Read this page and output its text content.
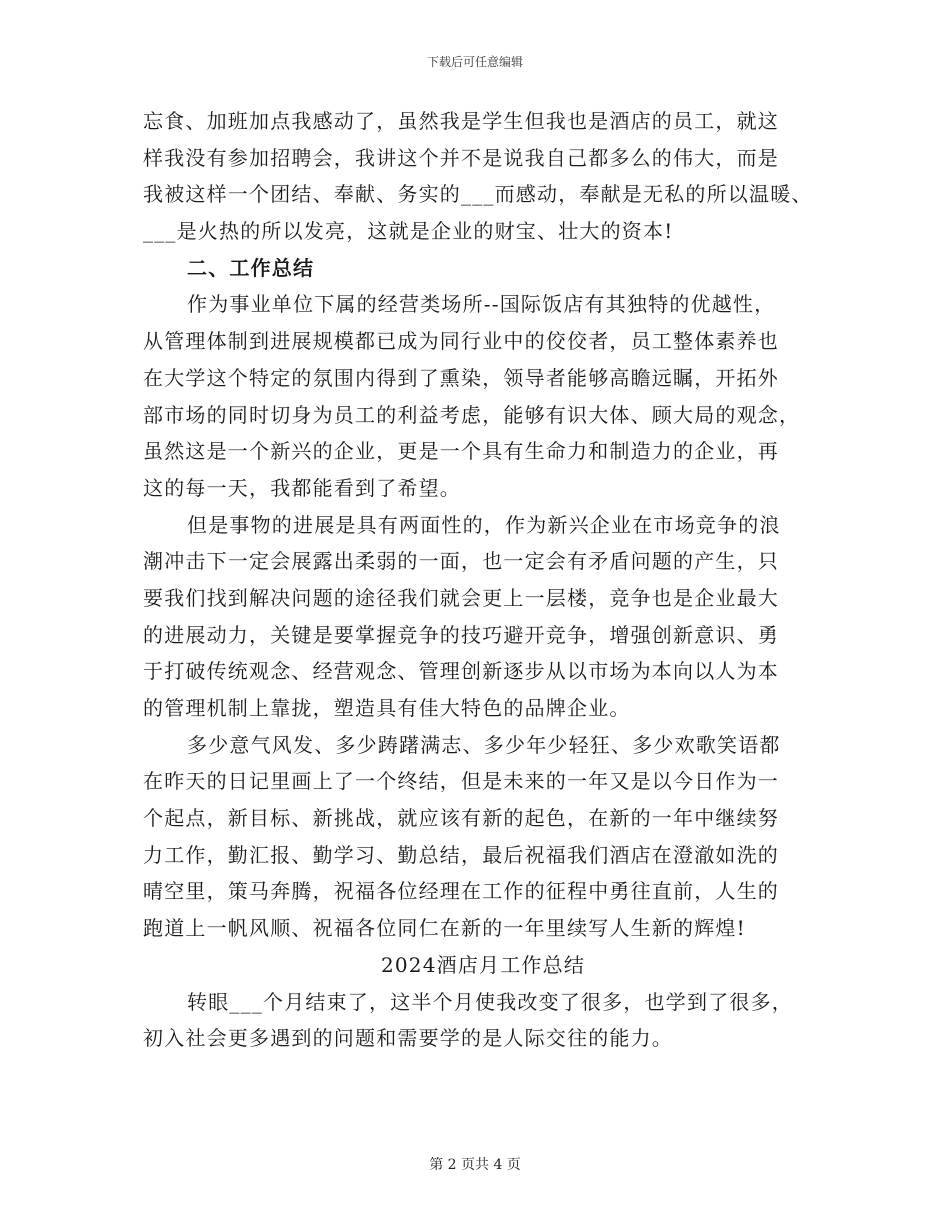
下载后可任意编辑
忘食、加班加点我感动了，虽然我是学生但我也是酒店的员工，就这
样我没有参加招聘会，我讲这个并不是说我自己都多么的伟大，而是
我被这样一个团结、奉献、务实的___而感动，奉献是无私的所以温暖、
___是火热的所以发亮，这就是企业的财宝、壮大的资本!
二、工作总结
作为事业单位下属的经营类场所--国际饭店有其独特的优越性，
从管理体制到进展规模都已成为同行业中的佼佼者，员工整体素养也
在大学这个特定的氛围内得到了熏染，领导者能够高瞻远瞩，开拓外
部市场的同时切身为员工的利益考虑，能够有识大体、顾大局的观念，
虽然这是一个新兴的企业，更是一个具有生命力和制造力的企业，再
这的每一天，我都能看到了希望。
但是事物的进展是具有两面性的，作为新兴企业在市场竞争的浪
潮冲击下一定会展露出柔弱的一面，也一定会有矛盾问题的产生，只
要我们找到解决问题的途径我们就会更上一层楼，竞争也是企业最大
的进展动力，关键是要掌握竞争的技巧避开竞争，增强创新意识、勇
于打破传统观念、经营观念、管理创新逐步从以市场为本向以人为本
的管理机制上靠拢，塑造具有佳大特色的品牌企业。
多少意气风发、多少踌躇满志、多少年少轻狂、多少欢歌笑语都
在昨天的日记里画上了一个终结，但是未来的一年又是以今日作为一
个起点，新目标、新挑战，就应该有新的起色，在新的一年中继续努
力工作，勤汇报、勤学习、勤总结，最后祝福我们酒店在澄澈如洗的
晴空里，策马奔腾，祝福各位经理在工作的征程中勇往直前，人生的
跑道上一帆风顺、祝福各位同仁在新的一年里续写人生新的辉煌!
2024酒店月工作总结
转眼___个月结束了，这半个月使我改变了很多，也学到了很多，
初入社会更多遇到的问题和需要学的是人际交往的能力。
第 2 页共 4 页
